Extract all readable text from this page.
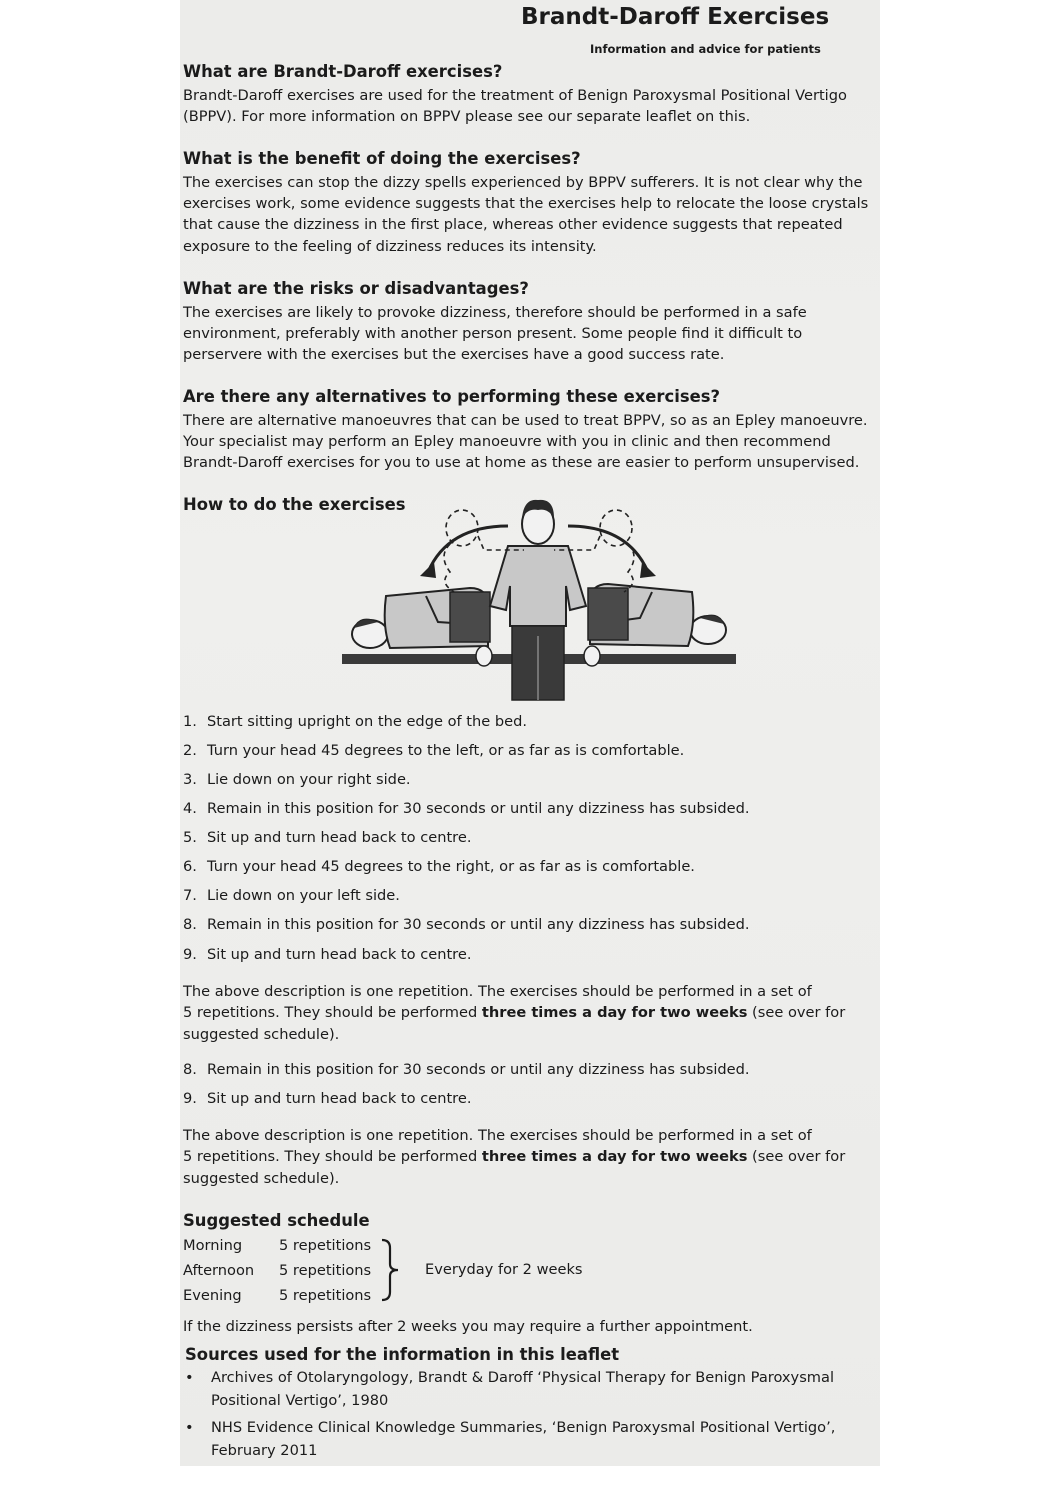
Brandt-Daroff Exercises
Information and advice for patients
What are Brandt-Daroff exercises?
Brandt-Daroff exercises are used for the treatment of Benign Paroxysmal Positional Vertigo
(BPPV). For more information on BPPV please see our separate leaflet on this.
What is the benefit of doing the exercises?
The exercises can stop the dizzy spells experienced by BPPV sufferers. It is not clear why the
exercises work, some evidence suggests that the exercises help to relocate the loose crystals
that cause the dizziness in the first place, whereas other evidence suggests that repeated
exposure to the feeling of dizziness reduces its intensity.
What are the risks or disadvantages?
The exercises are likely to provoke dizziness, therefore should be performed in a safe
environment, preferably with another person present. Some people find it difficult to
perservere with the exercises but the exercises have a good success rate.
Are there any alternatives to performing these exercises?
There are alternative manoeuvres that can be used to treat BPPV, so as an Epley manoeuvre.
Your specialist may perform an Epley manoeuvre with you in clinic and then recommend
Brandt-Daroff exercises for you to use at home as these are easier to perform unsupervised.
How to do the exercises
1. Start sitting upright on the edge of the bed.
2. Turn your head 45 degrees to the left, or as far as is comfortable.
3. Lie down on your right side.
4. Remain in this position for 30 seconds or until any dizziness has subsided.
5. Sit up and turn head back to centre.
6. Turn your head 45 degrees to the right, or as far as is comfortable.
7. Lie down on your left side.
8. Remain in this position for 30 seconds or until any dizziness has subsided.
9. Sit up and turn head back to centre.
The above description is one repetition. The exercises should be performed in a set of
5 repetitions. They should be performed three times a day for two weeks (see over for
suggested schedule).
8. Remain in this position for 30 seconds or until any dizziness has subsided.
9. Sit up and turn head back to centre.
The above description is one repetition. The exercises should be performed in a set of
5 repetitions. They should be performed three times a day for two weeks (see over for
suggested schedule).
Suggested schedule
Morning	5 repetitions
Afternoon 5 repetitions
Evening	5 repetitions
Everyday for 2 weeks
If the dizziness persists after 2 weeks you may require a further appointment.
Sources used for the information in this leaflet
• Archives of Otolaryngology, Brandt & Daroff ‘Physical Therapy for Benign Paroxysmal
Positional Vertigo’, 1980
• NHS Evidence Clinical Knowledge Summaries, ‘Benign Paroxysmal Positional Vertigo’,
February 2011
